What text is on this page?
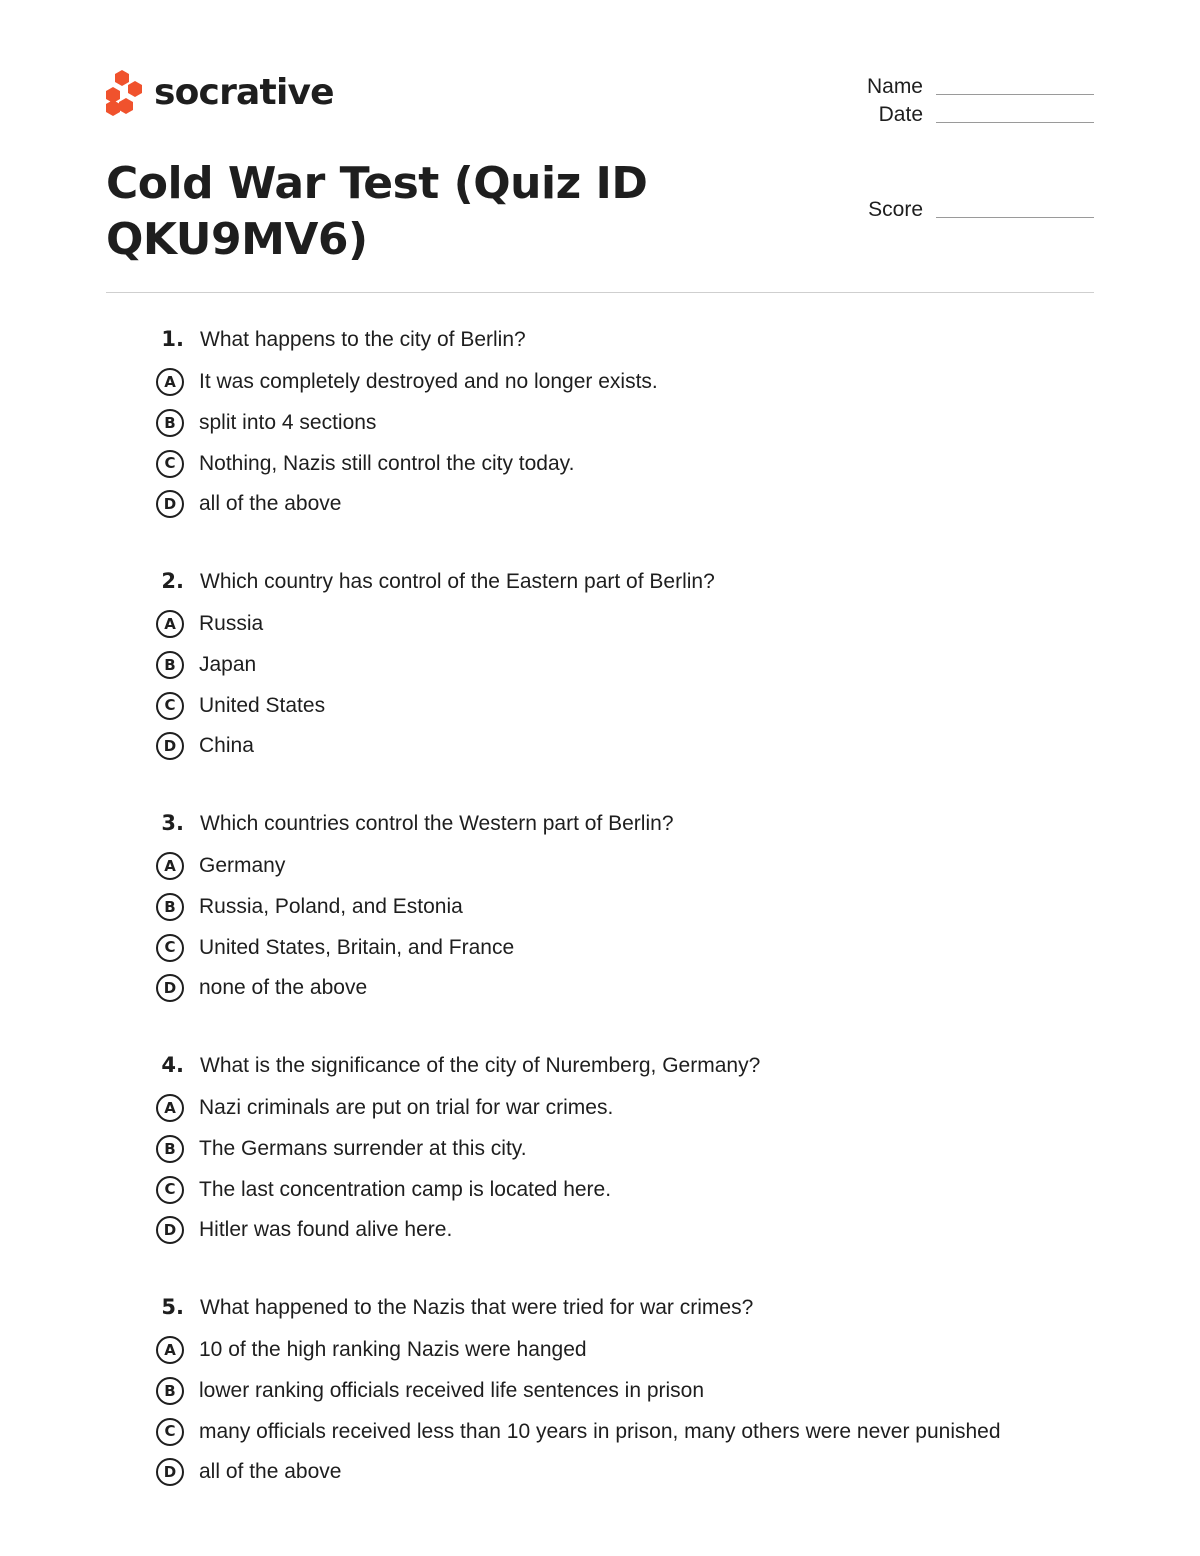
socrative
Cold War Test (Quiz ID QKU9MV6)
Name
Date
Score
1. What happens to the city of Berlin?
A	It was completely destroyed and no longer exists.
B	split into 4 sections
C	Nothing, Nazis still control the city today.
D	all of the above
2. Which country has control of the Eastern part of Berlin?
A	Russia
B	Japan
C	United States
D	China
3. Which countries control the Western part of Berlin?
A	Germany
B	Russia, Poland, and Estonia
C	United States, Britain, and France
D	none of the above
4. What is the significance of the city of Nuremberg, Germany?
A	Nazi criminals are put on trial for war crimes.
B	The Germans surrender at this city.
C	The last concentration camp is located here.
D	Hitler was found alive here.
5. What happened to the Nazis that were tried for war crimes?
A	10 of the high ranking Nazis were hanged
B	lower ranking officials received life sentences in prison
C	many officials received less than 10 years in prison, many others were never punished
D	all of the above
